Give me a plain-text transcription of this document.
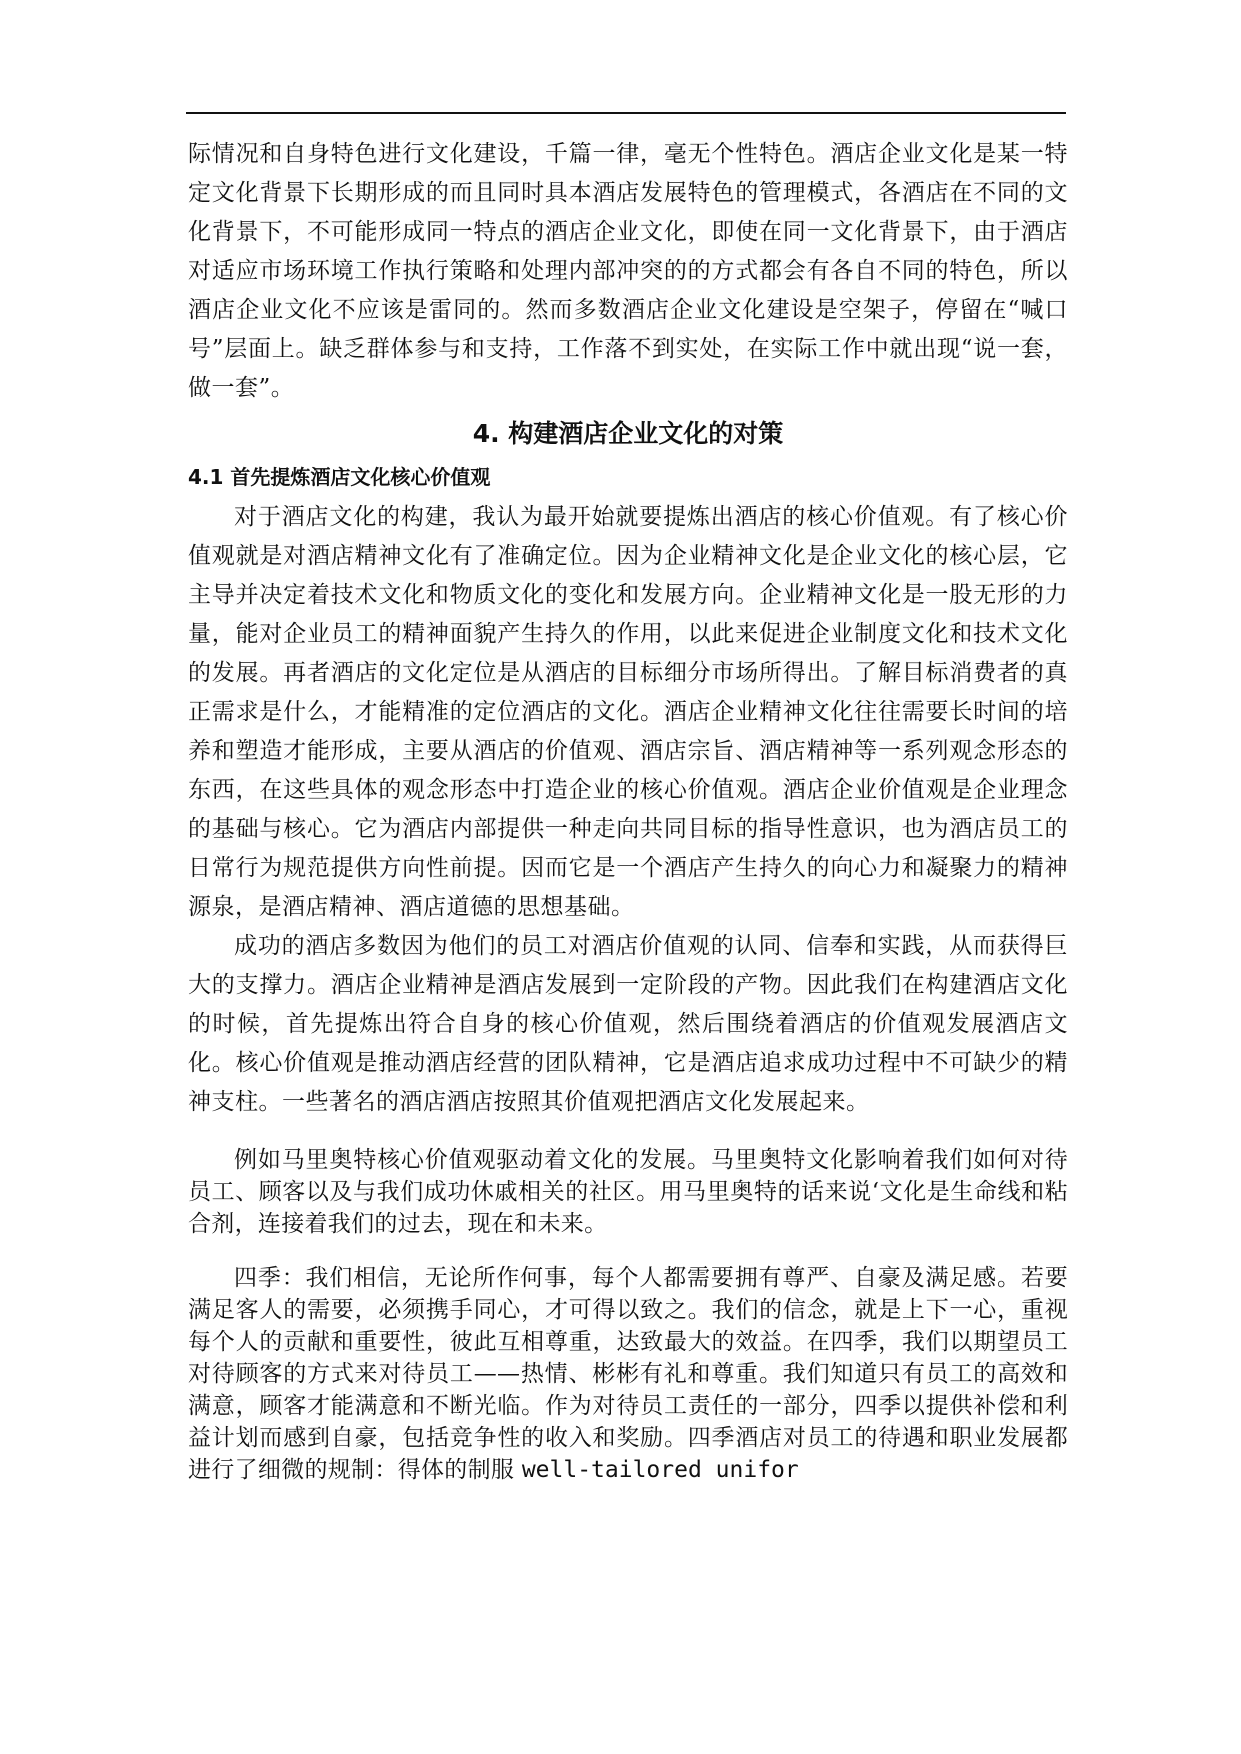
际情况和自身特色进行文化建设，千篇一律，毫无个性特色。酒店企业文化是某一特定文化背景下长期形成的而且同时具本酒店发展特色的管理模式，各酒店在不同的文化背景下，不可能形成同一特点的酒店企业文化，即使在同一文化背景下，由于酒店对适应市场环境工作执行策略和处理内部冲突的的方式都会有各自不同的特色，所以酒店企业文化不应该是雷同的。然而多数酒店企业文化建设是空架子，停留在“喊口号”层面上。缺乏群体参与和支持，工作落不到实处，在实际工作中就出现“说一套，做一套”。

4. 构建酒店企业文化的对策
4.1 首先提炼酒店文化核心价值观

对于酒店文化的构建，我认为最开始就要提炼出酒店的核心价值观。有了核心价值观就是对酒店精神文化有了准确定位。因为企业精神文化是企业文化的核心层，它主导并决定着技术文化和物质文化的变化和发展方向。企业精神文化是一股无形的力量，能对企业员工的精神面貌产生持久的作用，以此来促进企业制度文化和技术文化的发展。再者酒店的文化定位是从酒店的目标细分市场所得出。了解目标消费者的真正需求是什么，才能精准的定位酒店的文化。酒店企业精神文化往往需要长时间的培养和塑造才能形成，主要从酒店的价值观、酒店宗旨、酒店精神等一系列观念形态的东西，在这些具体的观念形态中打造企业的核心价值观。酒店企业价值观是企业理念的基础与核心。它为酒店内部提供一种走向共同目标的指导性意识，也为酒店员工的日常行为规范提供方向性前提。因而它是一个酒店产生持久的向心力和凝聚力的精神源泉，是酒店精神、酒店道德的思想基础。

成功的酒店多数因为他们的员工对酒店价值观的认同、信奉和实践，从而获得巨大的支撑力。酒店企业精神是酒店发展到一定阶段的产物。因此我们在构建酒店文化的时候，首先提炼出符合自身的核心价值观，然后围绕着酒店的价值观发展酒店文化。核心价值观是推动酒店经营的团队精神，它是酒店追求成功过程中不可缺少的精神支柱。一些著名的酒店酒店按照其价值观把酒店文化发展起来。

例如马里奥特核心价值观驱动着文化的发展。马里奥特文化影响着我们如何对待员工、顾客以及与我们成功休戚相关的社区。用马里奥特的话来说‘文化是生命线和粘合剂，连接着我们的过去，现在和未来。

四季：我们相信，无论所作何事，每个人都需要拥有尊严、自豪及满足感。若要满足客人的需要，必须携手同心，才可得以致之。我们的信念，就是上下一心，重视每个人的贡献和重要性，彼此互相尊重，达致最大的效益。在四季，我们以期望员工对待顾客的方式来对待员工——热情、彬彬有礼和尊重。我们知道只有员工的高效和满意，顾客才能满意和不断光临。作为对待员工责任的一部分，四季以提供补偿和利益计划而感到自豪，包括竞争性的收入和奖励。四季酒店对员工的待遇和职业发展都进行了细微的规制：得体的制服 well-tailored unifor
